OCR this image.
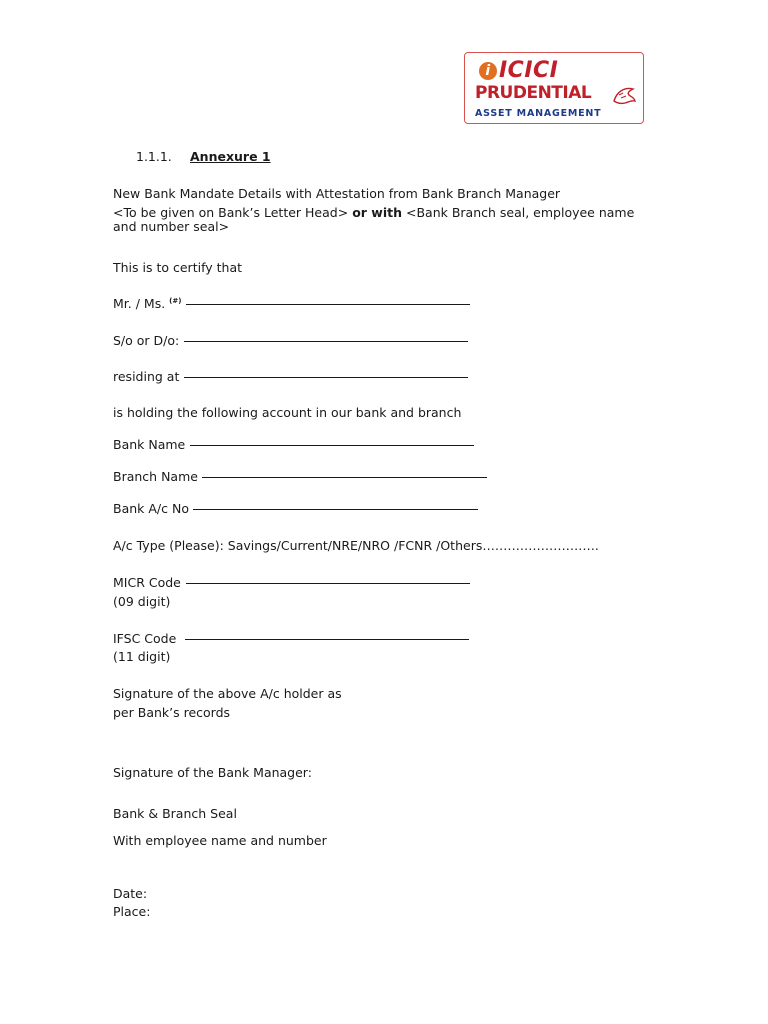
i ICICI
PRUDENTIAL
ASSET MANAGEMENT
1.1.1. Annexure 1
New Bank Mandate Details with Attestation from Bank Branch Manager
<To be given on Bank’s Letter Head> or with <Bank Branch seal, employee name
and number seal>
This is to certify that
Mr. / Ms. (#)
S/o or D/o:
residing at
is holding the following account in our bank and branch
Bank Name
Branch Name
Bank A/c No
A/c Type (Please): Savings/Current/NRE/NRO /FCNR /Others……………………….
MICR Code
(09 digit)
IFSC Code
(11 digit)
Signature of the above A/c holder as
per Bank’s records
Signature of the Bank Manager:
Bank & Branch Seal
With employee name and number
Date:
Place:
